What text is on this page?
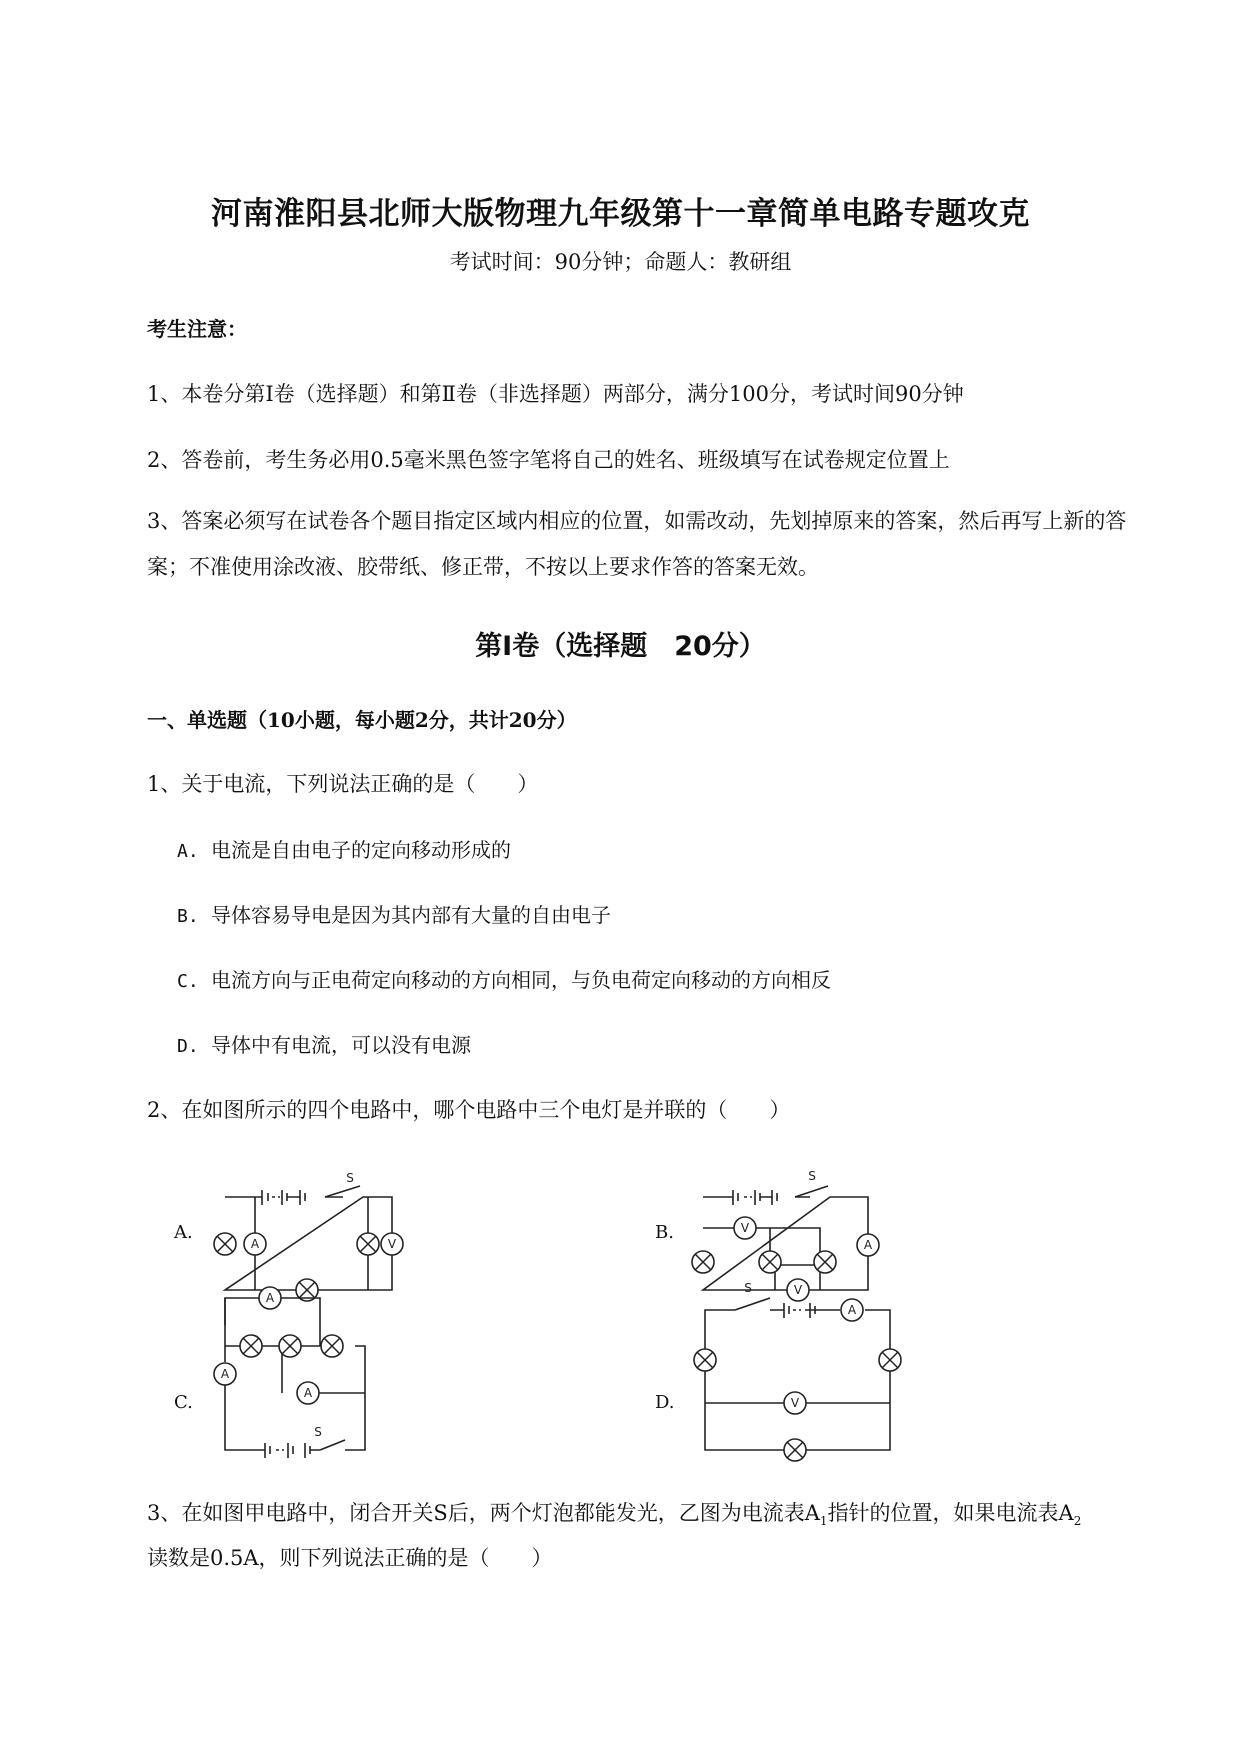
河南淮阳县北师大版物理九年级第十一章简单电路专题攻克
考试时间：90分钟；命题人：教研组
考生注意：
1、本卷分第I卷（选择题）和第Ⅱ卷（非选择题）两部分，满分100分，考试时间90分钟
2、答卷前，考生务必用0.5毫米黑色签字笔将自己的姓名、班级填写在试卷规定位置上
3、答案必须写在试卷各个题目指定区域内相应的位置，如需改动，先划掉原来的答案，然后再写上新的答案；不准使用涂改液、胶带纸、修正带，不按以上要求作答的答案无效。
第I卷（选择题　20分）
一、单选题（10小题，每小题2分，共计20分）
1、关于电流，下列说法正确的是（　　）
A. 电流是自由电子的定向移动形成的
B. 导体容易导电是因为其内部有大量的自由电子
C. 电流方向与正电荷定向移动的方向相同，与负电荷定向移动的方向相反
D. 导体中有电流，可以没有电源
2、在如图所示的四个电路中，哪个电路中三个电灯是并联的（　　）
A	V
S
V
A
V
S
A
A
A
S
A
V
S
A.	B.
C.	D.
3、在如图甲电路中，闭合开关S后，两个灯泡都能发光，乙图为电流表$A_1$指针的位置，如果电流表$A_2$
读数是0.5A，则下列说法正确的是（　　）
